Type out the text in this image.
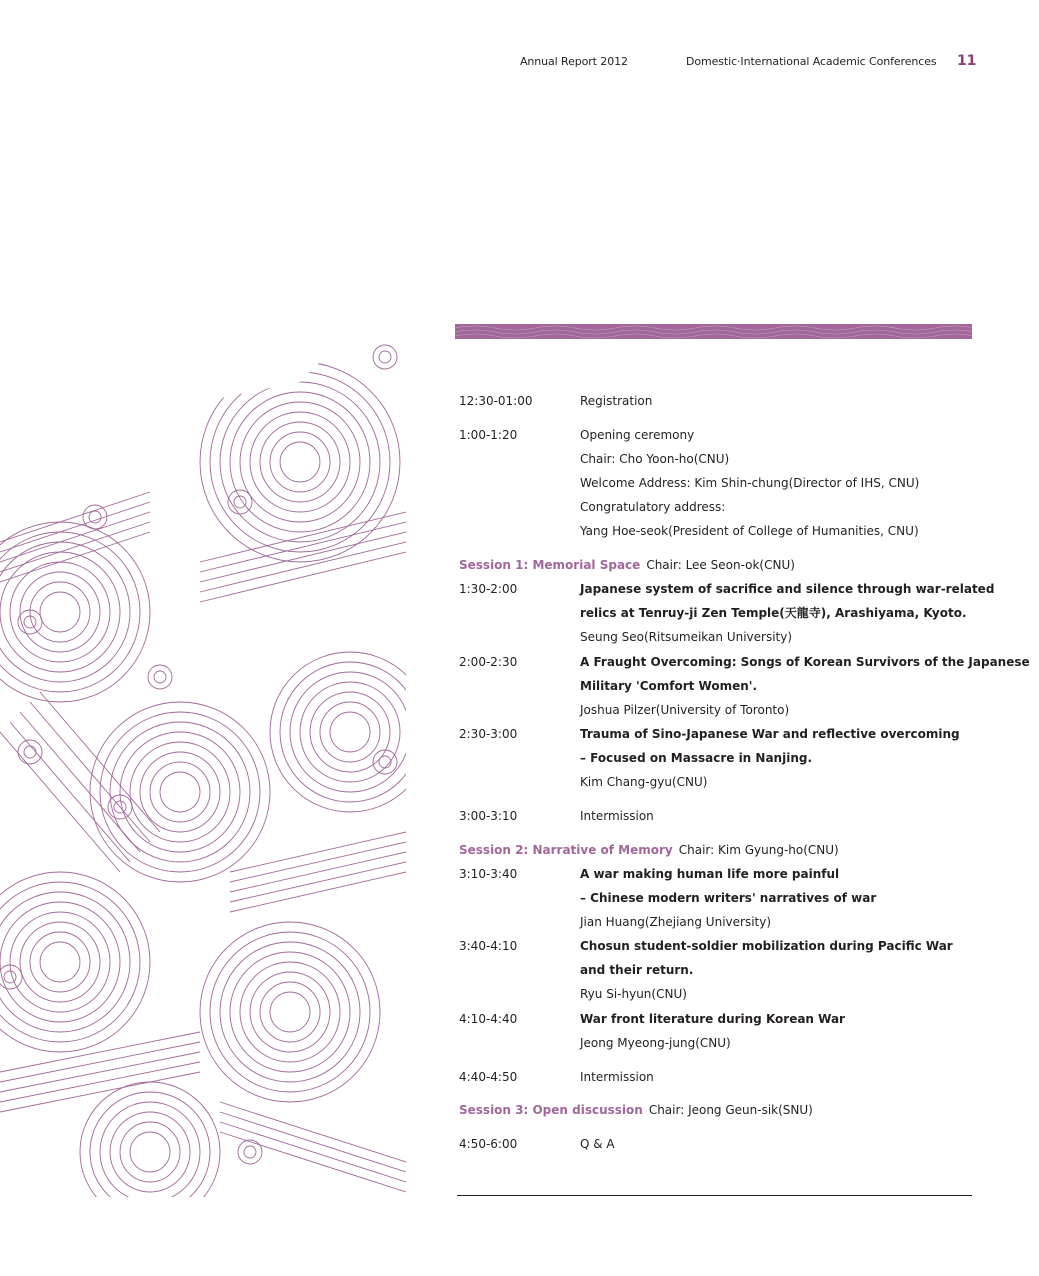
Annual Report 2012	Domestic·International Academic Conferences 11
12:30-01:00	Registration
1:00-1:20	Opening ceremony
Chair: Cho Yoon-ho(CNU)
Welcome Address: Kim Shin-chung(Director of IHS, CNU)
Congratulatory address:
Yang Hoe-seok(President of College of Humanities, CNU)
Session 1: Memorial Space Chair: Lee Seon-ok(CNU)
1:30-2:00	Japanese system of sacrifice and silence through war-related
relics at Tenruy-ji Zen Temple(天龍寺), Arashiyama, Kyoto.
Seung Seo(Ritsumeikan University)
2:00-2:30	A Fraught Overcoming: Songs of Korean Survivors of the Japanese
Military 'Comfort Women'.
Joshua Pilzer(University of Toronto)
2:30-3:00	Trauma of Sino-Japanese War and reflective overcoming
– Focused on Massacre in Nanjing.
Kim Chang-gyu(CNU)
3:00-3:10	Intermission
Session 2: Narrative of Memory Chair: Kim Gyung-ho(CNU)
3:10-3:40	A war making human life more painful
– Chinese modern writers' narratives of war
Jian Huang(Zhejiang University)
3:40-4:10	Chosun student-soldier mobilization during Pacific War
and their return.
Ryu Si-hyun(CNU)
4:10-4:40	War front literature during Korean War
Jeong Myeong-jung(CNU)
4:40-4:50	Intermission
Session 3: Open discussion Chair: Jeong Geun-sik(SNU)
4:50-6:00	Q & A
